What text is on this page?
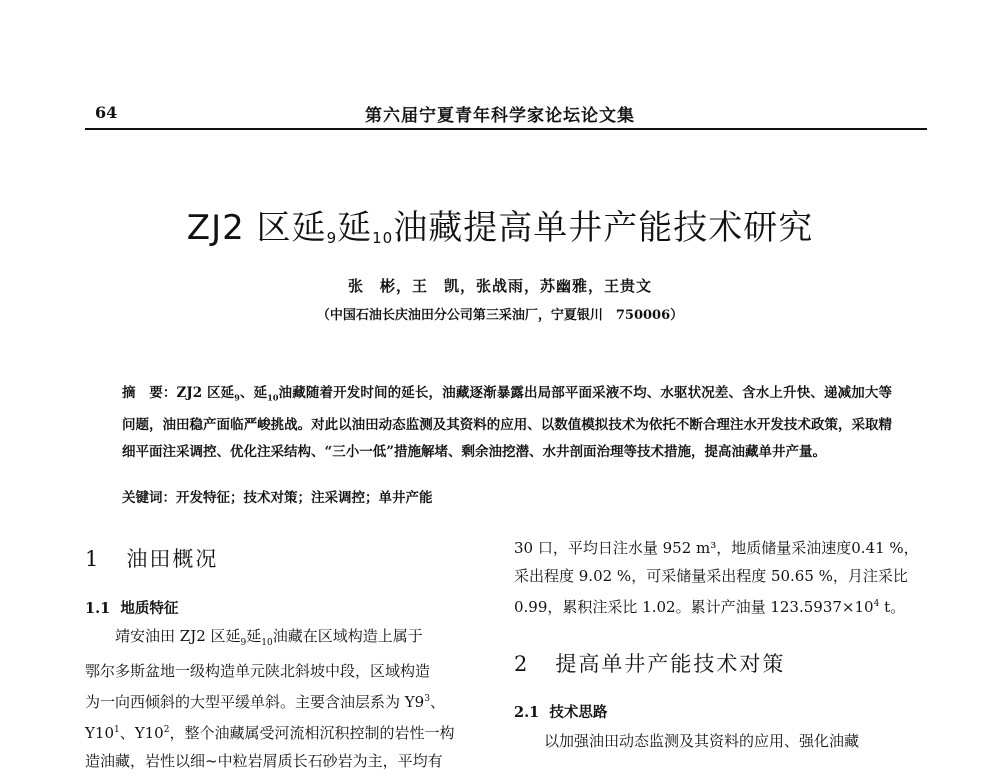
64	第六届宁夏青年科学家论坛论文集
ZJ2 区延$_9$延$_{10}$油藏提高单井产能技术研究
张　彬，王　凯，张战雨，苏幽雅，王贵文
（中国石油长庆油田分公司第三采油厂，宁夏银川　750006）
摘　要：ZJ2 区延$_9$、延$_{10}$油藏随着开发时间的延长，油藏逐渐暴露出局部平面采液不均、水驱状况差、含水上升快、递减加大等问题，油田稳产面临严峻挑战。对此以油田动态监测及其资料的应用、以数值模拟技术为依托不断合理注水开发技术政策，采取精细平面注采调控、优化注采结构、“三小一低”措施解堵、剩余油挖潜、水井剖面治理等技术措施，提高油藏单井产量。
关键词：开发特征；技术对策；注采调控；单井产能
1 油田概况
1.1 地质特征
靖安油田 ZJ2 区延$_9$延$_{10}$油藏在区域构造上属于
鄂尔多斯盆地一级构造单元陕北斜坡中段，区域构造
为一向西倾斜的大型平缓单斜。主要含油层系为 $Y9^3$、
$Y10^1$、$Y10^2$，整个油藏属受河流相沉积控制的岩性一构
造油藏，岩性以细~中粒岩屑质长石砂岩为主，平均有
30 口，平均日注水量 952 m³，地质储量采油速度0.41 %，
采出程度 9.02 %，可采储量采出程度 50.65 %，月注采比
0.99，累积注采比 1.02。累计产油量 $123.5937\times 10^4$ t。
2 提高单井产能技术对策
2.1 技术思路
以加强油田动态监测及其资料的应用、强化油藏
